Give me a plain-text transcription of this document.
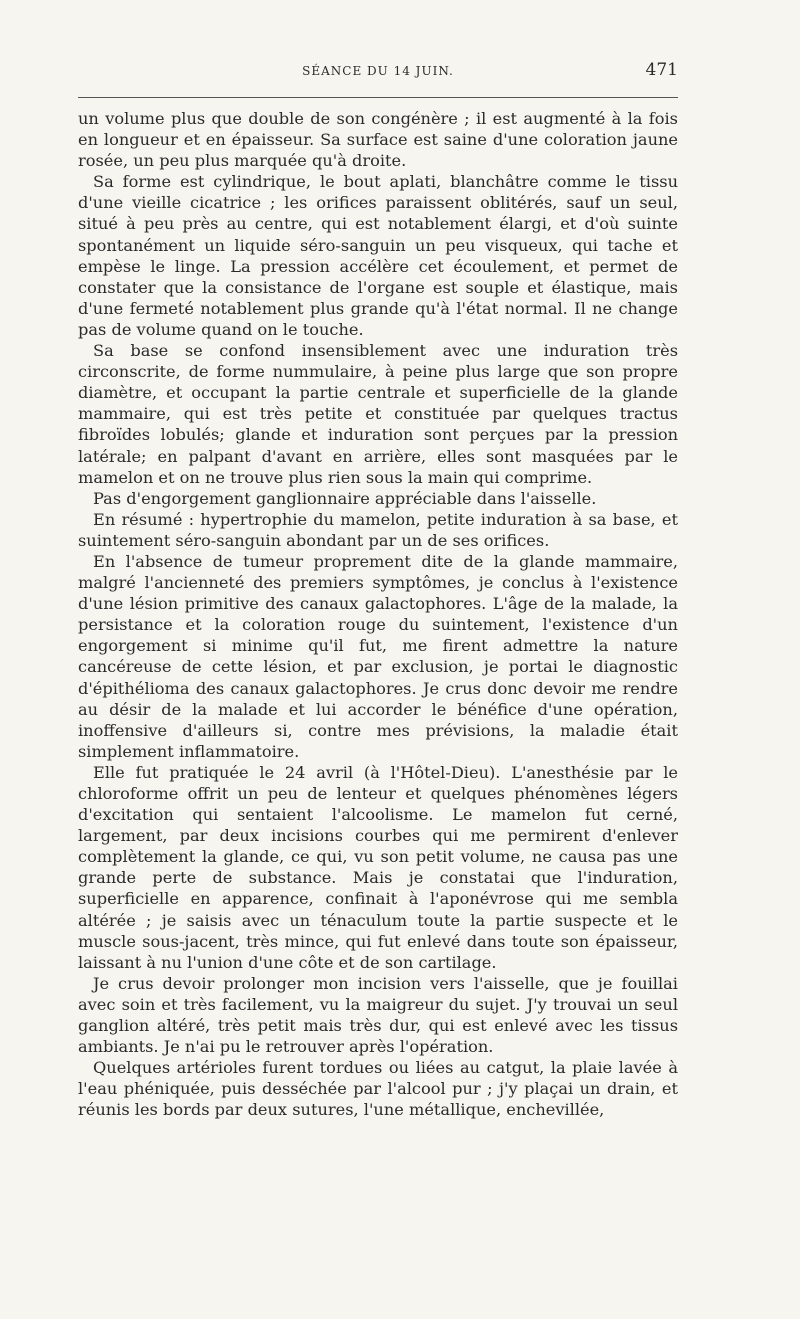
SÉANCE DU 14 JUIN.	471

un volume plus que double de son congénère ; il est augmenté à la fois en longueur et en épaisseur. Sa surface est saine d'une coloration jaune rosée, un peu plus marquée qu'à droite.

Sa forme est cylindrique, le bout aplati, blanchâtre comme le tissu d'une vieille cicatrice ; les orifices paraissent oblitérés, sauf un seul, situé à peu près au centre, qui est notablement élargi, et d'où suinte spontanément un liquide séro-sanguin un peu visqueux, qui tache et empèse le linge. La pression accélère cet écoulement, et permet de constater que la consistance de l'organe est souple et élastique, mais d'une fermeté notablement plus grande qu'à l'état normal. Il ne change pas de volume quand on le touche.

Sa base se confond insensiblement avec une induration très circonscrite, de forme nummulaire, à peine plus large que son propre diamètre, et occupant la partie centrale et superficielle de la glande mammaire, qui est très petite et constituée par quelques tractus fibroïdes lobulés; glande et induration sont perçues par la pression latérale; en palpant d'avant en arrière, elles sont masquées par le mamelon et on ne trouve plus rien sous la main qui comprime.

Pas d'engorgement ganglionnaire appréciable dans l'aisselle.

En résumé : hypertrophie du mamelon, petite induration à sa base, et suintement séro-sanguin abondant par un de ses orifices.

En l'absence de tumeur proprement dite de la glande mammaire, malgré l'ancienneté des premiers symptômes, je conclus à l'existence d'une lésion primitive des canaux galactophores. L'âge de la malade, la persistance et la coloration rouge du suintement, l'existence d'un engorgement si minime qu'il fut, me firent admettre la nature cancéreuse de cette lésion, et par exclusion, je portai le diagnostic d'épithélioma des canaux galactophores. Je crus donc devoir me rendre au désir de la malade et lui accorder le bénéfice d'une opération, inoffensive d'ailleurs si, contre mes prévisions, la maladie était simplement inflammatoire.

Elle fut pratiquée le 24 avril (à l'Hôtel-Dieu). L'anesthésie par le chloroforme offrit un peu de lenteur et quelques phénomènes légers d'excitation qui sentaient l'alcoolisme. Le mamelon fut cerné, largement, par deux incisions courbes qui me permirent d'enlever complètement la glande, ce qui, vu son petit volume, ne causa pas une grande perte de substance. Mais je constatai que l'induration, superficielle en apparence, confinait à l'aponévrose qui me sembla altérée ; je saisis avec un ténaculum toute la partie suspecte et le muscle sous-jacent, très mince, qui fut enlevé dans toute son épaisseur, laissant à nu l'union d'une côte et de son cartilage.

Je crus devoir prolonger mon incision vers l'aisselle, que je fouillai avec soin et très facilement, vu la maigreur du sujet. J'y trouvai un seul ganglion altéré, très petit mais très dur, qui est enlevé avec les tissus ambiants. Je n'ai pu le retrouver après l'opération.

Quelques artérioles furent tordues ou liées au catgut, la plaie lavée à l'eau phéniquée, puis desséchée par l'alcool pur ; j'y plaçai un drain, et réunis les bords par deux sutures, l'une métallique, enchevillée,
